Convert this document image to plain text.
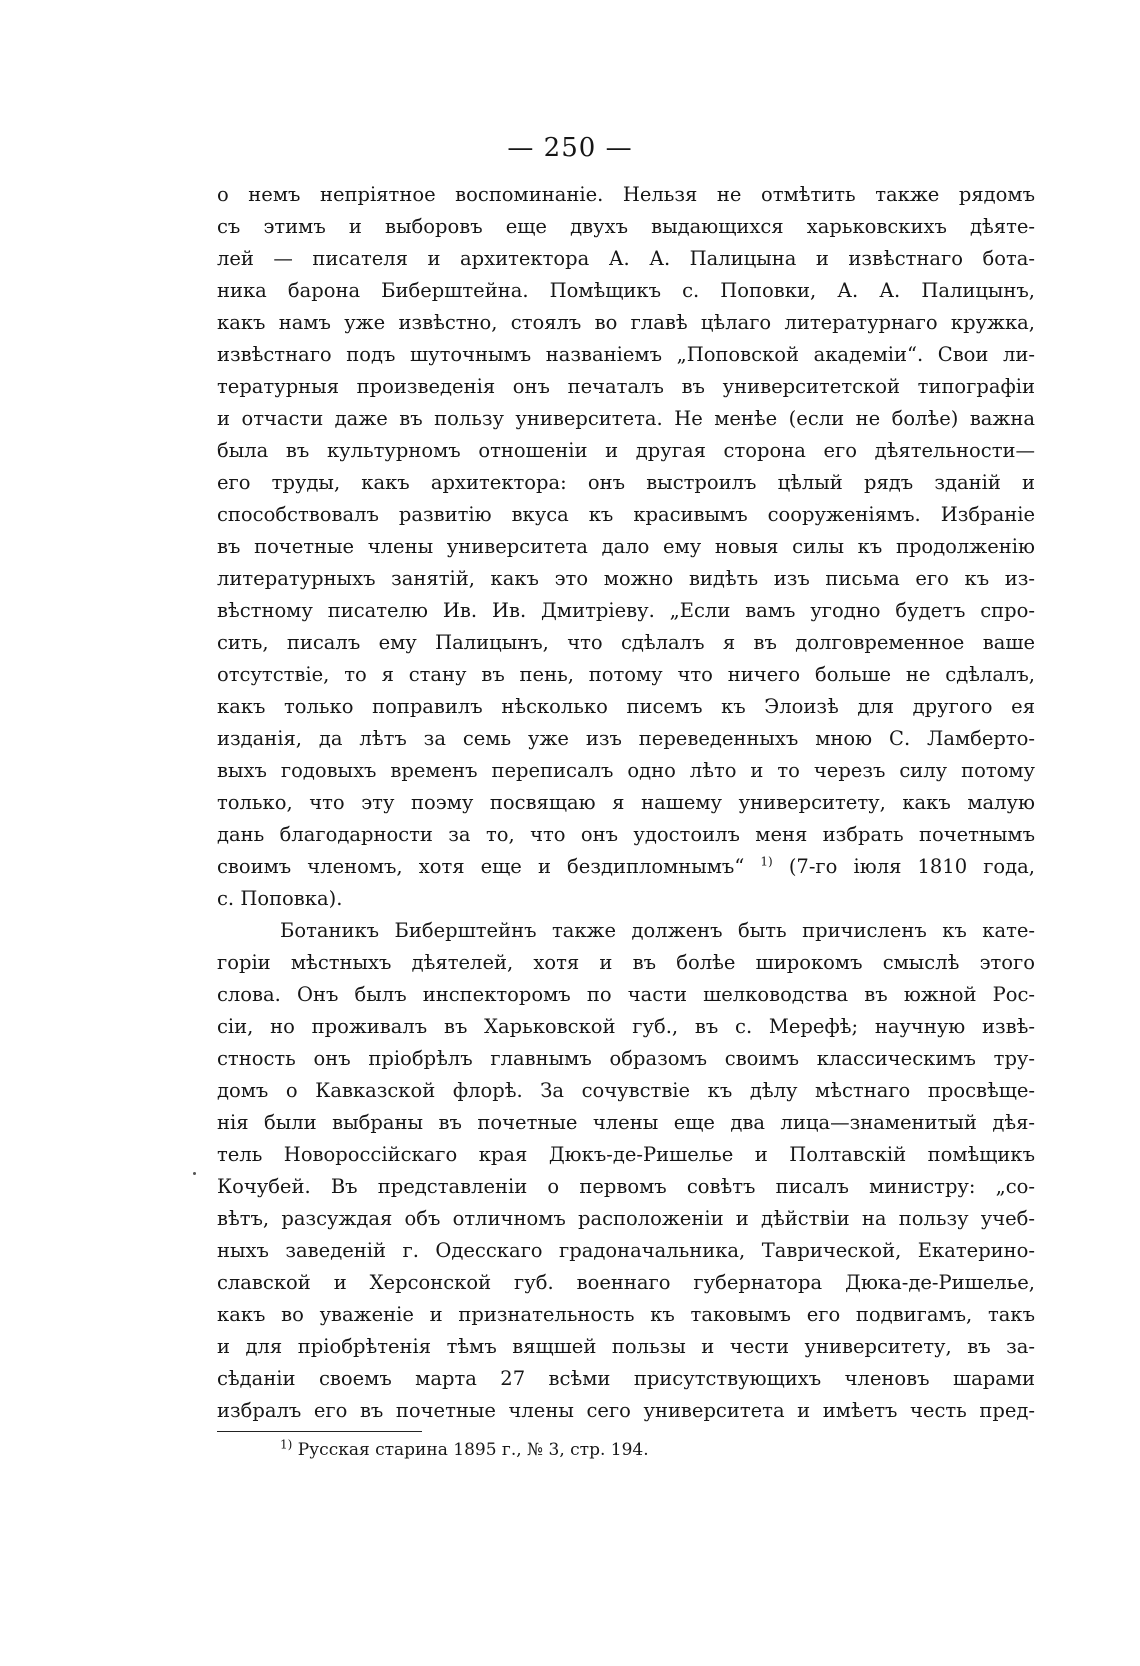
— 250 —
о немъ непріятное воспоминаніе. Нельзя не отмѣтить также рядомъ
съ этимъ и выборовъ еще двухъ выдающихся харьковскихъ дѣяте-
лей — писателя и архитектора А. А. Палицына и извѣстнаго бота-
ника барона Биберштейна. Помѣщикъ с. Поповки, А. А. Палицынъ,
какъ намъ уже извѣстно, стоялъ во главѣ цѣлаго литературнаго кружка,
извѣстнаго подъ шуточнымъ названіемъ „Поповской академіи“. Свои ли-
тературныя произведенія онъ печаталъ въ университетской типографіи
и отчасти даже въ пользу университета. Не менѣе (если не болѣе) важна
была въ культурномъ отношеніи и другая сторона его дѣятельности—
его труды, какъ архитектора: онъ выстроилъ цѣлый рядъ зданій и
способствовалъ развитію вкуса къ красивымъ сооруженіямъ. Избраніе
въ почетные члены университета дало ему новыя силы къ продолженію
литературныхъ занятій, какъ это можно видѣть изъ письма его къ из-
вѣстному писателю Ив. Ив. Дмитріеву. „Если вамъ угодно будетъ спро-
сить, писалъ ему Палицынъ, что сдѣлалъ я въ долговременное ваше
отсутствіе, то я стану въ пень, потому что ничего больше не сдѣлалъ,
какъ только поправилъ нѣсколько писемъ къ Элоизѣ для другого ея
изданія, да лѣтъ за семь уже изъ переведенныхъ мною С. Ламберто-
выхъ годовыхъ временъ переписалъ одно лѣто и то черезъ силу потому
только, что эту поэму посвящаю я нашему университету, какъ малую
дань благодарности за то, что онъ удостоилъ меня избрать почетнымъ
своимъ членомъ, хотя еще и бездипломнымъ“ $^{1)}$ (7-го іюля 1810 года,
с. Поповка).
Ботаникъ Биберштейнъ также долженъ быть причисленъ къ кате-
горіи мѣстныхъ дѣятелей, хотя и въ болѣе широкомъ смыслѣ этого
слова. Онъ былъ инспекторомъ по части шелководства въ южной Рос-
сіи, но проживалъ въ Харьковской губ., въ с. Мерефѣ; научную извѣ-
стность онъ пріобрѣлъ главнымъ образомъ своимъ классическимъ тру-
домъ о Кавказской флорѣ. За сочувствіе къ дѣлу мѣстнаго просвѣще-
нія были выбраны въ почетные члены еще два лица—знаменитый дѣя-
тель Новороссійскаго края Дюкъ-де-Ришелье и Полтавскій помѣщикъ
Кочубей. Въ представленіи о первомъ совѣтъ писалъ министру: „со-
вѣтъ, разсуждая объ отличномъ расположеніи и дѣйствіи на пользу учеб-
ныхъ заведеній г. Одесскаго градоначальника, Таврической, Екатерино-
славской и Херсонской губ. военнаго губернатора Дюка-де-Ришелье,
какъ во уваженіе и признательность къ таковымъ его подвигамъ, такъ
и для пріобрѣтенія тѣмъ вящшей пользы и чести университету, въ за-
сѣданіи своемъ марта 27 всѣми присутствующихъ членовъ шарами
избралъ его въ почетные члены сего университета и имѣетъ честь пред-
$^{1)}$ Русская старина 1895 г., № 3, стр. 194.
